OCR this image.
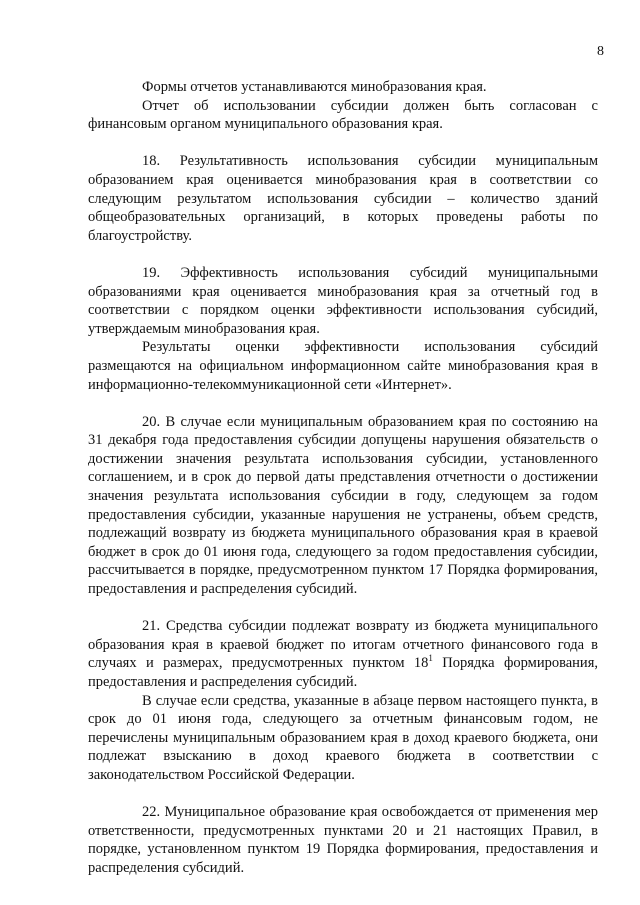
8

Формы отчетов устанавливаются минобразования края.

Отчет об использовании субсидии должен быть согласован с финансовым органом муниципального образования края.

18. Результативность использования субсидии муниципальным образованием края оценивается минобразования края в соответствии со следующим результатом использования субсидии – количество зданий общеобразовательных организаций, в которых проведены работы по благоустройству.

19. Эффективность использования субсидий муниципальными образованиями края оценивается минобразования края за отчетный год в соответствии с порядком оценки эффективности использования субсидий, утверждаемым минобразования края.

Результаты оценки эффективности использования субсидий размещаются на официальном информационном сайте минобразования края в информационно-телекоммуникационной сети «Интернет».

20. В случае если муниципальным образованием края по состоянию на 31 декабря года предоставления субсидии допущены нарушения обязательств о достижении значения результата использования субсидии, установленного соглашением, и в срок до первой даты представления отчетности о достижении значения результата использования субсидии в году, следующем за годом предоставления субсидии, указанные нарушения не устранены, объем средств, подлежащий возврату из бюджета муниципального образования края в краевой бюджет в срок до 01 июня года, следующего за годом предоставления субсидии, рассчитывается в порядке, предусмотренном пунктом 17 Порядка формирования, предоставления и распределения субсидий.

21. Средства субсидии подлежат возврату из бюджета муниципального образования края в краевой бюджет по итогам отчетного финансового года в случаях и размерах, предусмотренных пунктом $18^1$ Порядка формирования, предоставления и распределения субсидий.

В случае если средства, указанные в абзаце первом настоящего пункта, в срок до 01 июня года, следующего за отчетным финансовым годом, не перечислены муниципальным образованием края в доход краевого бюджета, они подлежат взысканию в доход краевого бюджета в соответствии с законодательством Российской Федерации.

22. Муниципальное образование края освобождается от применения мер ответственности, предусмотренных пунктами 20 и 21 настоящих Правил, в порядке, установленном пунктом 19 Порядка формирования, предоставления и распределения субсидий.
